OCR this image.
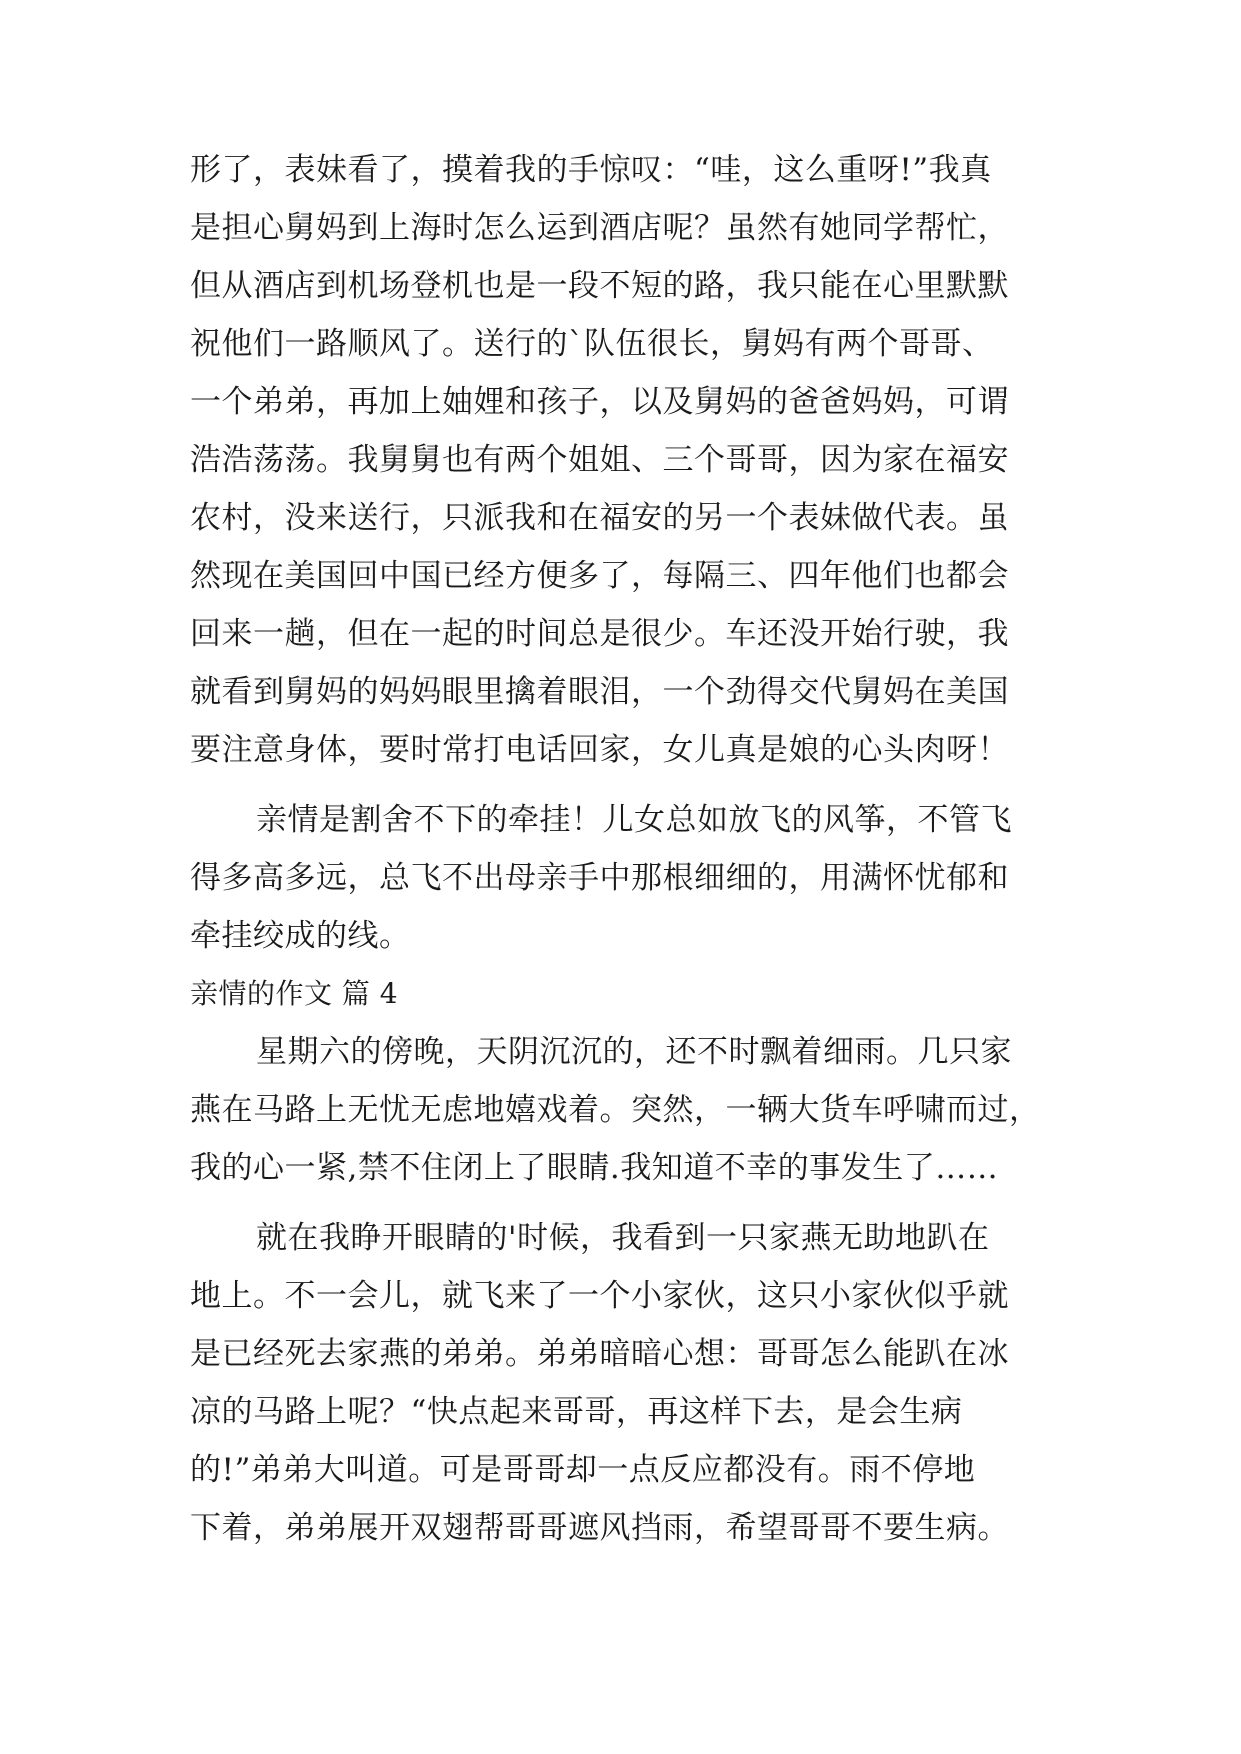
形了，表妹看了，摸着我的手惊叹：“哇，这么重呀!”我真
是担心舅妈到上海时怎么运到酒店呢？虽然有她同学帮忙，
但从酒店到机场登机也是一段不短的路，我只能在心里默默
祝他们一路顺风了。送行的`队伍很长，舅妈有两个哥哥、
一个弟弟，再加上妯娌和孩子，以及舅妈的爸爸妈妈，可谓
浩浩荡荡。我舅舅也有两个姐姐、三个哥哥，因为家在福安
农村，没来送行，只派我和在福安的另一个表妹做代表。虽
然现在美国回中国已经方便多了，每隔三、四年他们也都会
回来一趟，但在一起的时间总是很少。车还没开始行驶，我
就看到舅妈的妈妈眼里擒着眼泪，一个劲得交代舅妈在美国
要注意身体，要时常打电话回家，女儿真是娘的心头肉呀！
亲情是割舍不下的牵挂！儿女总如放飞的风筝，不管飞
得多高多远，总飞不出母亲手中那根细细的，用满怀忧郁和
牵挂绞成的线。
亲情的作文 篇 4
星期六的傍晚，天阴沉沉的，还不时飘着细雨。几只家
燕在马路上无忧无虑地嬉戏着。突然，一辆大货车呼啸而过，
我的心一紧,禁不住闭上了眼睛.我知道不幸的事发生了……
就在我睁开眼睛的'时候，我看到一只家燕无助地趴在
地上。不一会儿，就飞来了一个小家伙，这只小家伙似乎就
是已经死去家燕的弟弟。弟弟暗暗心想：哥哥怎么能趴在冰
凉的马路上呢？“快点起来哥哥，再这样下去，是会生病
的!”弟弟大叫道。可是哥哥却一点反应都没有。雨不停地
下着，弟弟展开双翅帮哥哥遮风挡雨，希望哥哥不要生病。
